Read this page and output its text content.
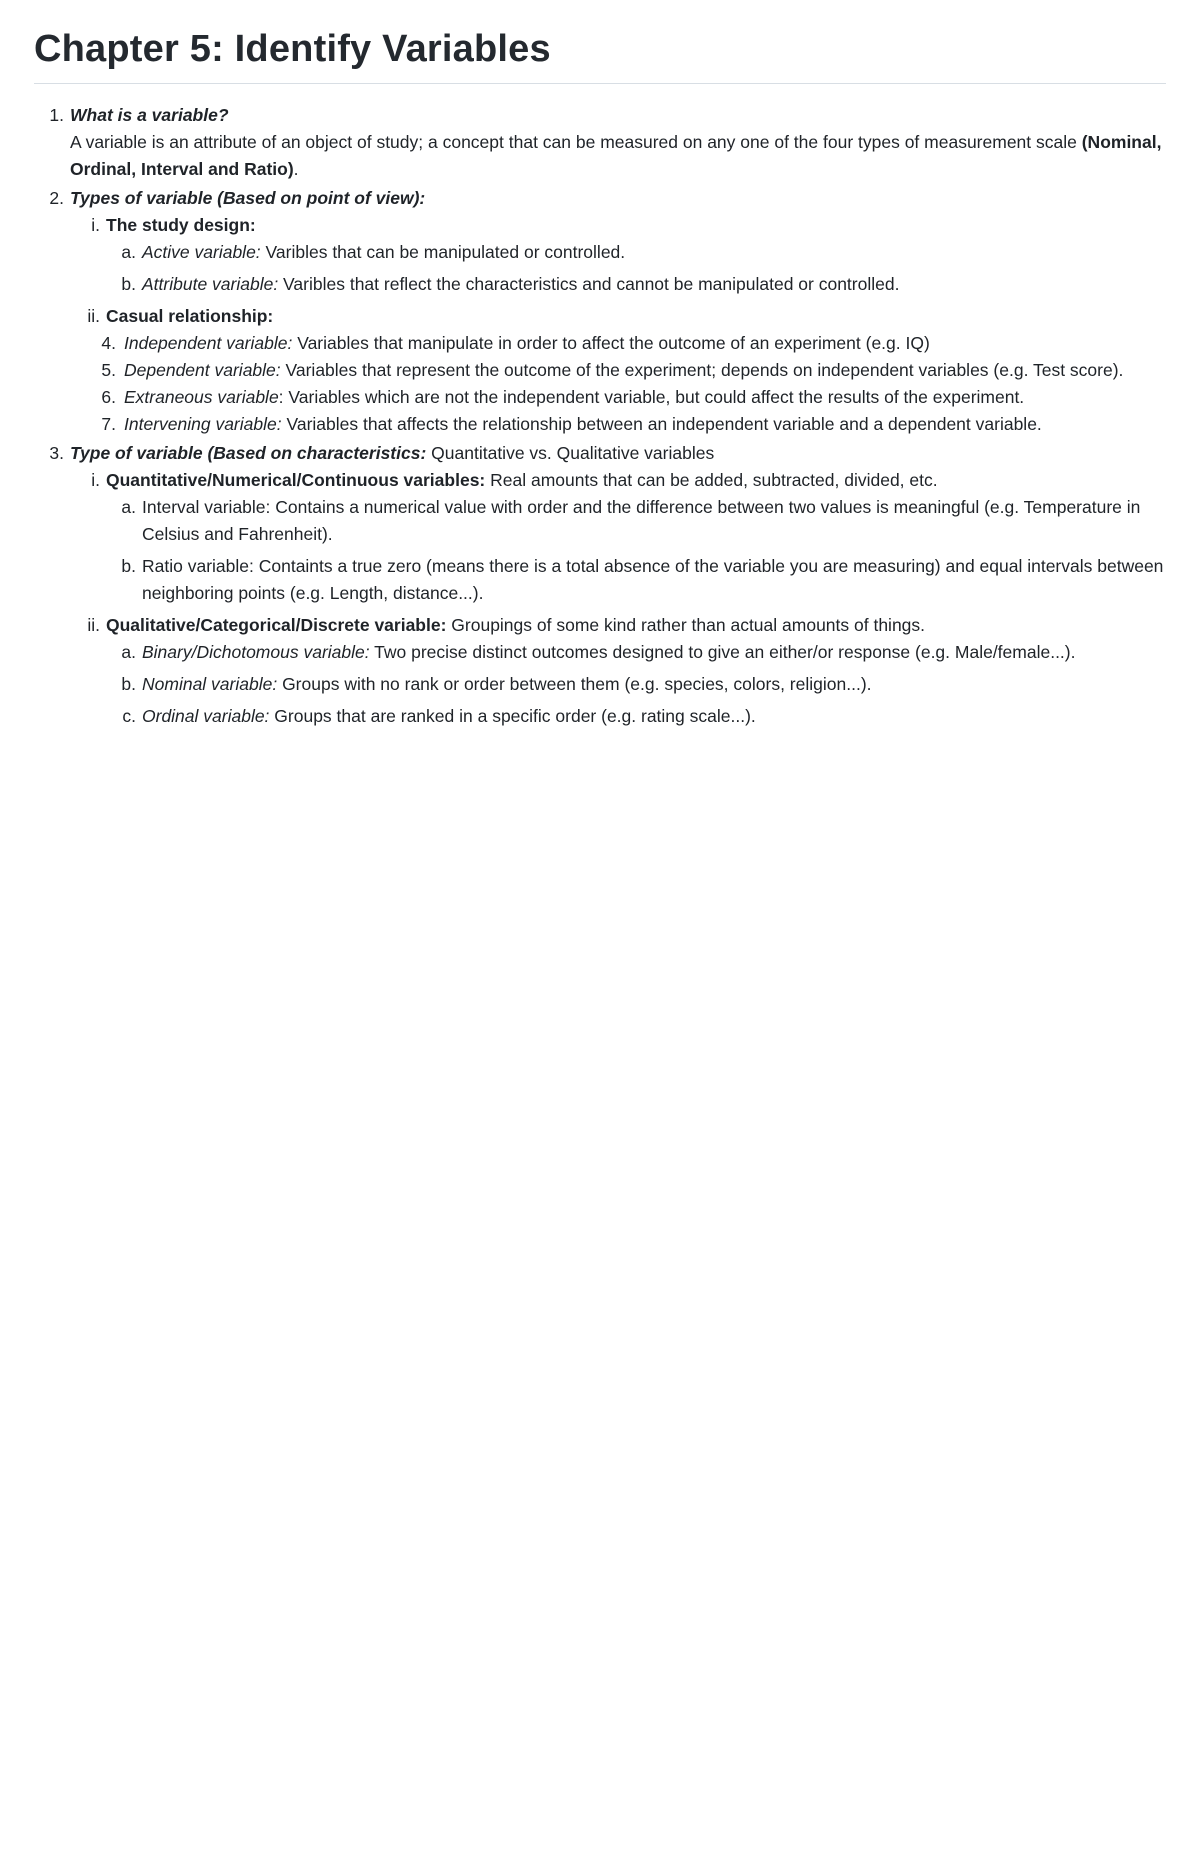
Chapter 5: Identify Variables
1. What is a variable?
A variable is an attribute of an object of study; a concept that can be measured on any one of the four types of measurement scale (Nominal, Ordinal, Interval and Ratio).
2. Types of variable (Based on point of view):
i. The study design:
a. Active variable: Varibles that can be manipulated or controlled.
b. Attribute variable: Varibles that reflect the characteristics and cannot be manipulated or controlled.
ii. Casual relationship:
4. Independent variable: Variables that manipulate in order to affect the outcome of an experiment (e.g. IQ)
5. Dependent variable: Variables that represent the outcome of the experiment; depends on independent variables (e.g. Test score).
6. Extraneous variable: Variables which are not the independent variable, but could affect the results of the experiment.
7. Intervening variable: Variables that affects the relationship between an independent variable and a dependent variable.
3. Type of variable (Based on characteristics: Quantitative vs. Qualitative variables
i. Quantitative/Numerical/Continuous variables: Real amounts that can be added, subtracted, divided, etc.
a. Interval variable: Contains a numerical value with order and the difference between two values is meaningful (e.g. Temperature in Celsius and Fahrenheit).
b. Ratio variable: Containts a true zero (means there is a total absence of the variable you are measuring) and equal intervals between neighboring points (e.g. Length, distance...).
ii. Qualitative/Categorical/Discrete variable: Groupings of some kind rather than actual amounts of things.
a. Binary/Dichotomous variable: Two precise distinct outcomes designed to give an either/or response (e.g. Male/female...).
b. Nominal variable: Groups with no rank or order between them (e.g. species, colors, religion...).
c. Ordinal variable: Groups that are ranked in a specific order (e.g. rating scale...).
